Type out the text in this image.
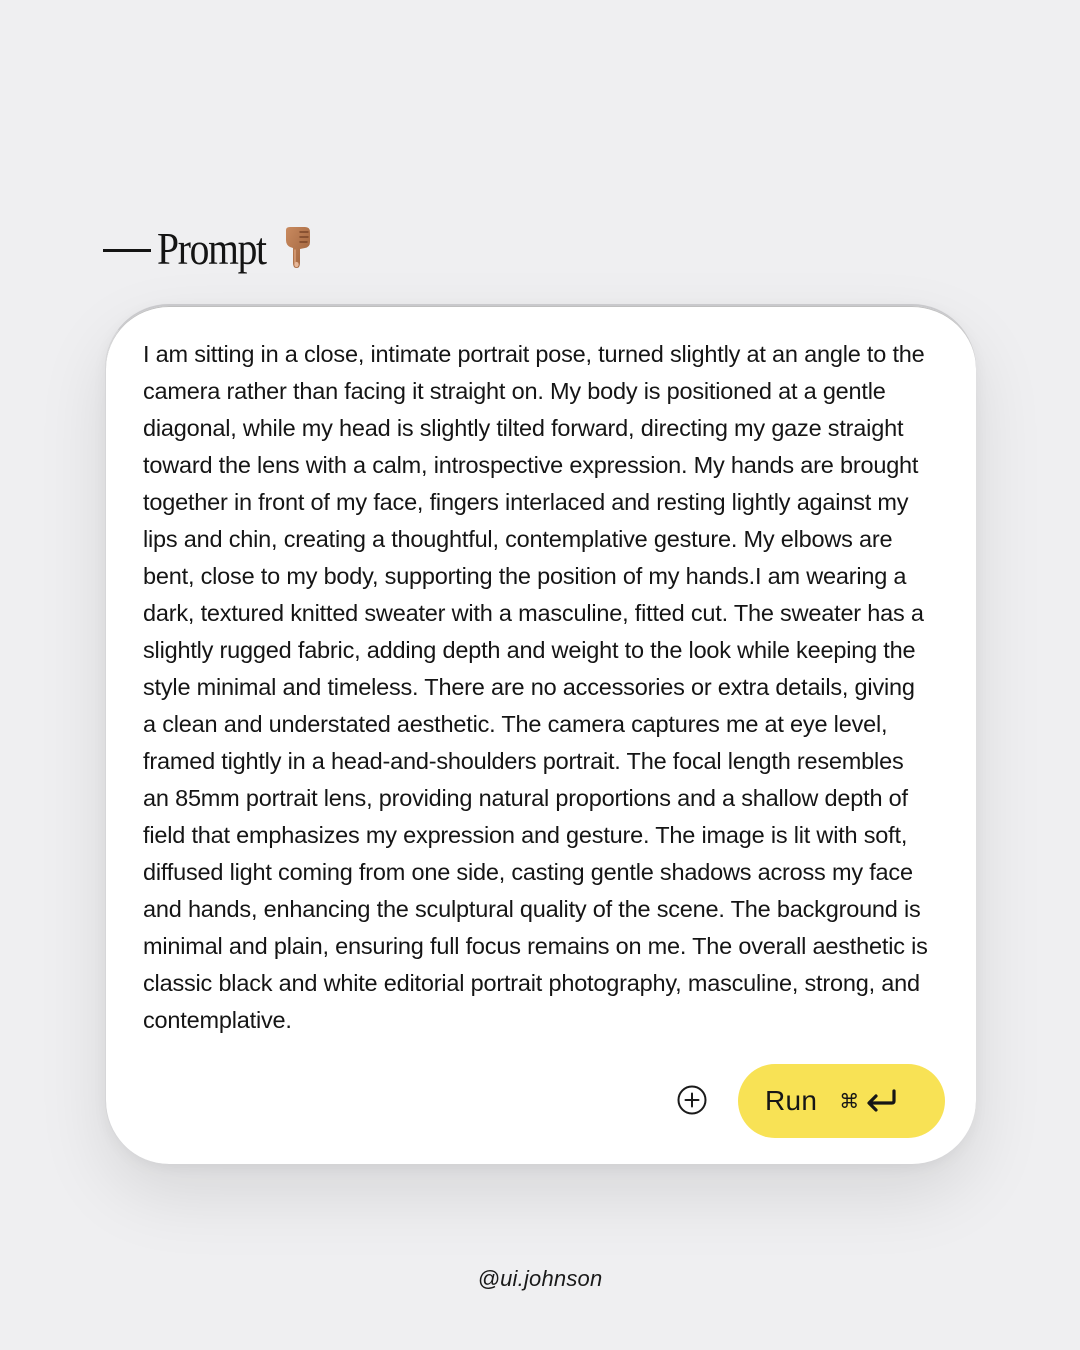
Prompt

I am sitting in a close, intimate portrait pose, turned slightly at an angle to the camera rather than facing it straight on. My body is positioned at a gentle diagonal, while my head is slightly tilted forward, directing my gaze straight toward the lens with a calm, introspective expression. My hands are brought together in front of my face, fingers interlaced and resting lightly against my lips and chin, creating a thoughtful, contemplative gesture. My elbows are bent, close to my body, supporting the position of my hands.I am wearing a dark, textured knitted sweater with a masculine, fitted cut. The sweater has a slightly rugged fabric, adding depth and weight to the look while keeping the style minimal and timeless. There are no accessories or extra details, giving a clean and understated aesthetic. The camera captures me at eye level, framed tightly in a head-and-shoulders portrait. The focal length resembles an 85mm portrait lens, providing natural proportions and a shallow depth of field that emphasizes my expression and gesture. The image is lit with soft, diffused light coming from one side, casting gentle shadows across my face and hands, enhancing the sculptural quality of the scene. The background is minimal and plain, ensuring full focus remains on me. The overall aesthetic is classic black and white editorial portrait photography, masculine, strong, and contemplative.

Run ⌘
@ui.johnson
